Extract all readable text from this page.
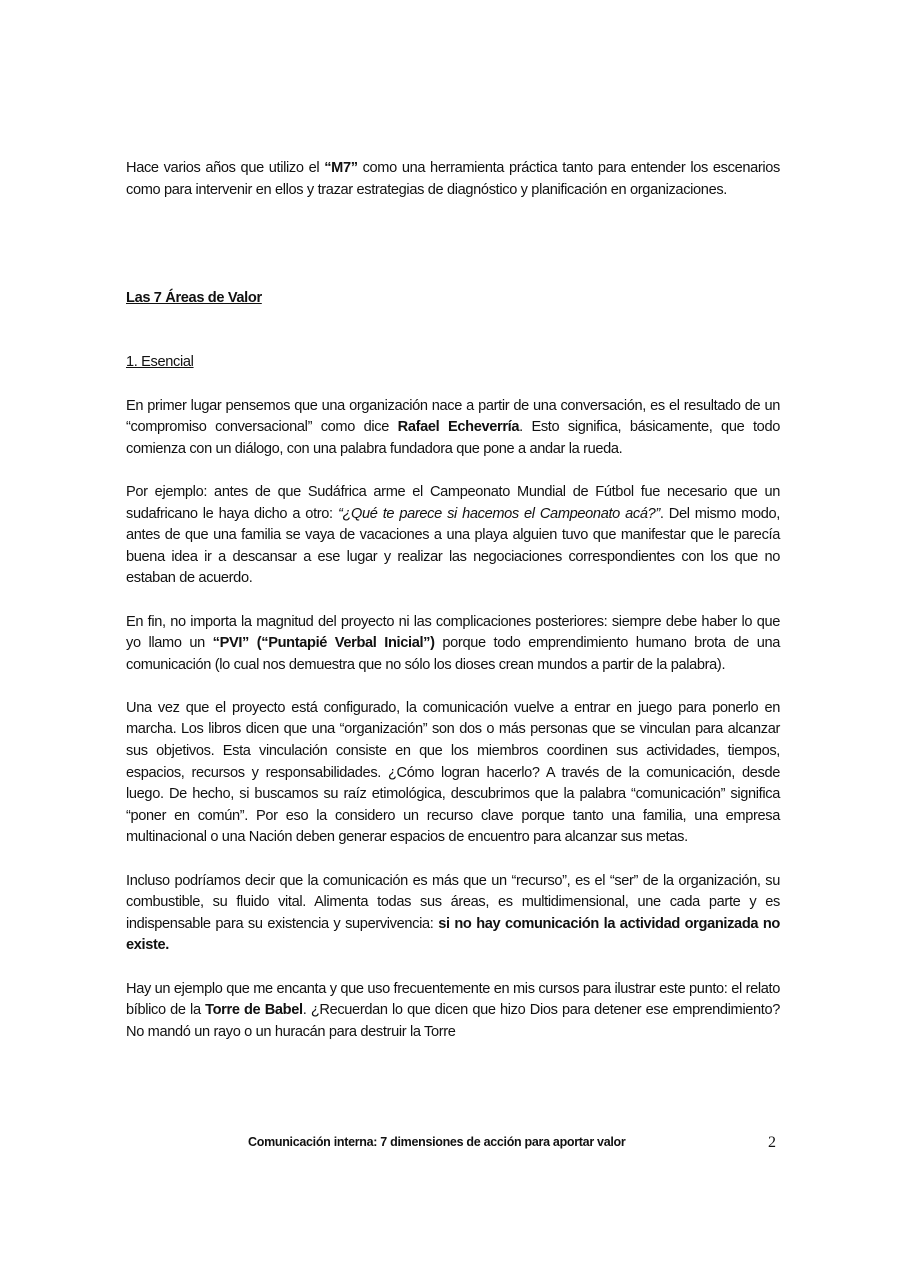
Hace varios años que utilizo el “M7” como una herramienta práctica tanto para entender los escenarios como para intervenir en ellos y trazar estrategias de diagnóstico y planificación en organizaciones.

Las 7 Áreas de Valor

1. Esencial

En primer lugar pensemos que una organización nace a partir de una conversación, es el resultado de un “compromiso conversacional” como dice Rafael Echeverría. Esto significa, básicamente, que todo comienza con un diálogo, con una palabra fundadora que pone a andar la rueda.

Por ejemplo: antes de que Sudáfrica arme el Campeonato Mundial de Fútbol fue necesario que un sudafricano le haya dicho a otro: “¿Qué te parece si hacemos el Campeonato acá?”. Del mismo modo, antes de que una familia se vaya de vacaciones a una playa alguien tuvo que manifestar que le parecía buena idea ir a descansar a ese lugar y realizar las negociaciones correspondientes con los que no estaban de acuerdo.

En fin, no importa la magnitud del proyecto ni las complicaciones posteriores: siempre debe haber lo que yo llamo un “PVI” (“Puntapié Verbal Inicial”) porque todo emprendimiento humano brota de una comunicación (lo cual nos demuestra que no sólo los dioses crean mundos a partir de la palabra).

Una vez que el proyecto está configurado, la comunicación vuelve a entrar en juego para ponerlo en marcha. Los libros dicen que una “organización” son dos o más personas que se vinculan para alcanzar sus objetivos. Esta vinculación consiste en que los miembros coordinen sus actividades, tiempos, espacios, recursos y responsabilidades. ¿Cómo logran hacerlo? A través de la comunicación, desde luego. De hecho, si buscamos su raíz etimológica, descubrimos que la palabra “comunicación” significa “poner en común”. Por eso la considero un recurso clave porque tanto una familia, una empresa multinacional o una Nación deben generar espacios de encuentro para alcanzar sus metas.

Incluso podríamos decir que la comunicación es más que un “recurso”, es el “ser” de la organización, su combustible, su fluido vital. Alimenta todas sus áreas, es multidimensional, une cada parte y es indispensable para su existencia y supervivencia: si no hay comunicación la actividad organizada no existe.

Hay un ejemplo que me encanta y que uso frecuentemente en mis cursos para ilustrar este punto: el relato bíblico de la Torre de Babel. ¿Recuerdan lo que dicen que hizo Dios para detener ese emprendimiento? No mandó un rayo o un huracán para destruir la Torre

Comunicación interna: 7 dimensiones de acción para aportar valor	2
